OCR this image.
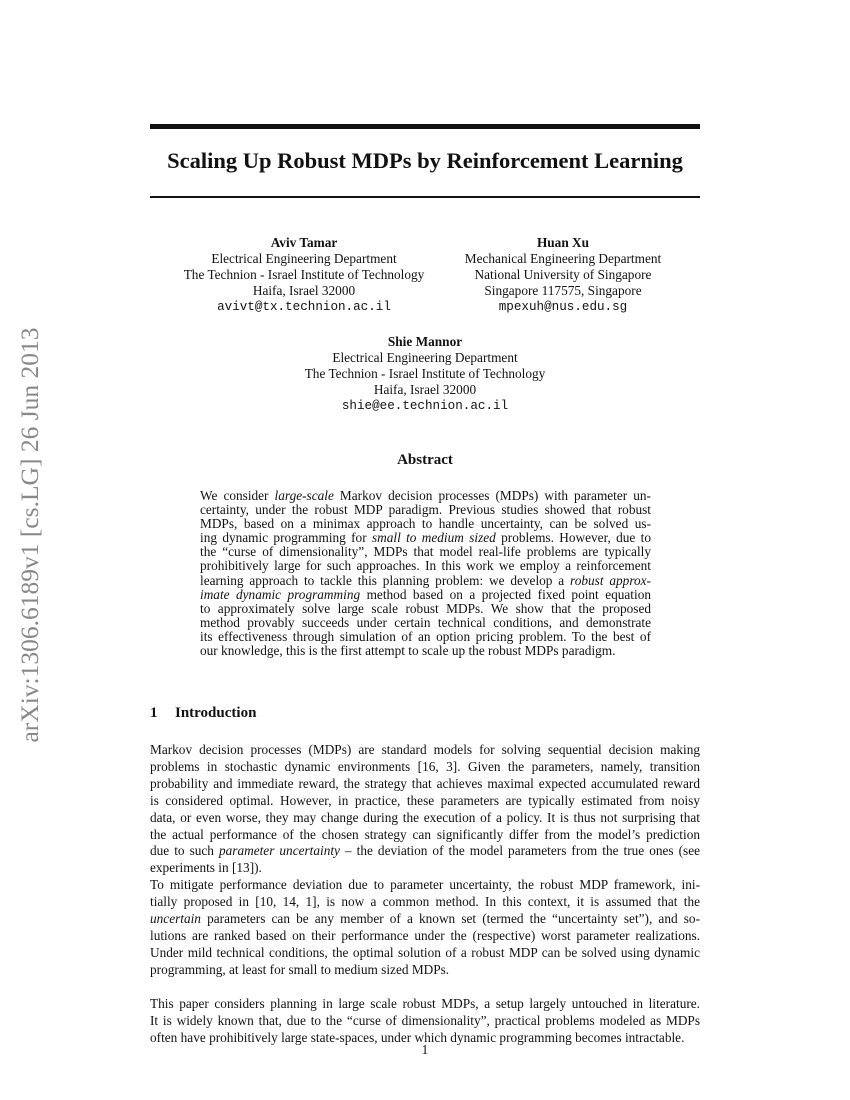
arXiv:1306.6189v1 [cs.LG] 26 Jun 2013
Scaling Up Robust MDPs by Reinforcement Learning
Aviv Tamar
Electrical Engineering Department
The Technion - Israel Institute of Technology
Haifa, Israel 32000
avivt@tx.technion.ac.il
Huan Xu
Mechanical Engineering Department
National University of Singapore
Singapore 117575, Singapore
mpexuh@nus.edu.sg
Shie Mannor
Electrical Engineering Department
The Technion - Israel Institute of Technology
Haifa, Israel 32000
shie@ee.technion.ac.il
Abstract
We consider large-scale Markov decision processes (MDPs) with parameter un-
certainty, under the robust MDP paradigm. Previous studies showed that robust
MDPs, based on a minimax approach to handle uncertainty, can be solved us-
ing dynamic programming for small to medium sized problems. However, due to
the “curse of dimensionality”, MDPs that model real-life problems are typically
prohibitively large for such approaches. In this work we employ a reinforcement
learning approach to tackle this planning problem: we develop a robust approx-
imate dynamic programming method based on a projected fixed point equation
to approximately solve large scale robust MDPs. We show that the proposed
method provably succeeds under certain technical conditions, and demonstrate
its effectiveness through simulation of an option pricing problem. To the best of
our knowledge, this is the first attempt to scale up the robust MDPs paradigm.
1 Introduction
Markov decision processes (MDPs) are standard models for solving sequential decision making
problems in stochastic dynamic environments [16, 3]. Given the parameters, namely, transition
probability and immediate reward, the strategy that achieves maximal expected accumulated reward
is considered optimal. However, in practice, these parameters are typically estimated from noisy
data, or even worse, they may change during the execution of a policy. It is thus not surprising that
the actual performance of the chosen strategy can significantly differ from the model’s prediction
due to such parameter uncertainty – the deviation of the model parameters from the true ones (see
experiments in [13]).
To mitigate performance deviation due to parameter uncertainty, the robust MDP framework, ini-
tially proposed in [10, 14, 1], is now a common method. In this context, it is assumed that the
uncertain parameters can be any member of a known set (termed the “uncertainty set”), and so-
lutions are ranked based on their performance under the (respective) worst parameter realizations.
Under mild technical conditions, the optimal solution of a robust MDP can be solved using dynamic
programming, at least for small to medium sized MDPs.
This paper considers planning in large scale robust MDPs, a setup largely untouched in literature.
It is widely known that, due to the “curse of dimensionality”, practical problems modeled as MDPs
often have prohibitively large state-spaces, under which dynamic programming becomes intractable.
1
